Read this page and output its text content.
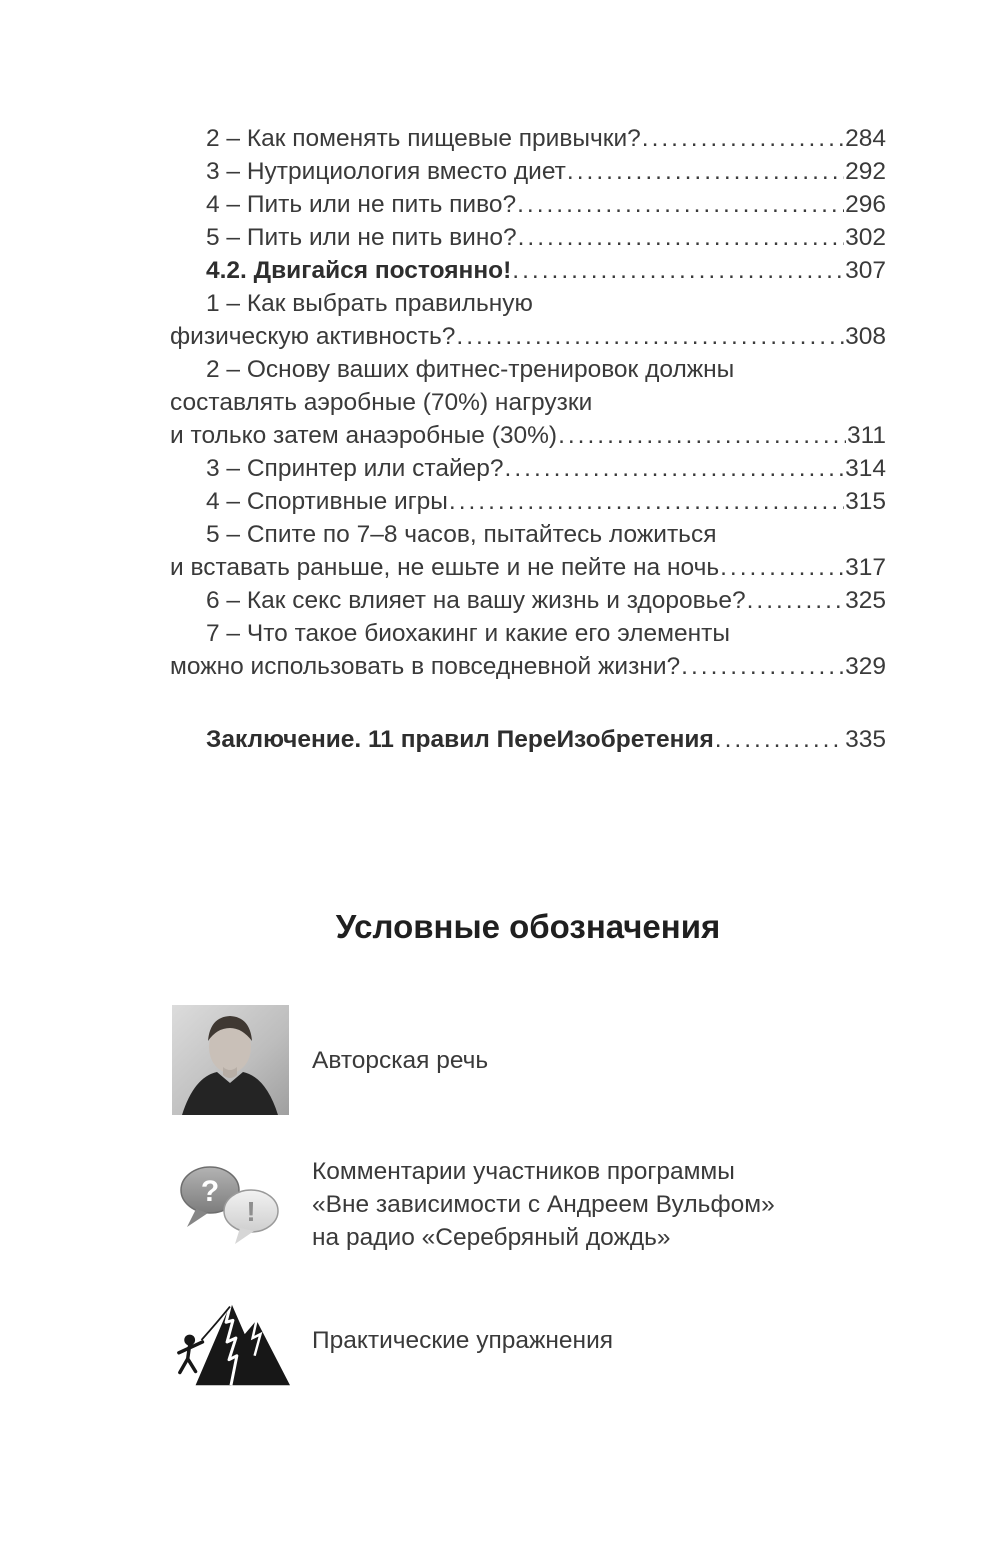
2 – Как поменять пищевые привычки? .....	284
3 – Нутрициология вместо диет .....	292
4 – Пить или не пить пиво? .....	296
5 – Пить или не пить вино? .....	302
4.2. Двигайся постоянно! .....	307
1 – Как выбрать правильную
физическую активность? .....	308
2 – Основу ваших фитнес-тренировок должны
составлять аэробные (70%) нагрузки
и только затем анаэробные (30%) .....	311
3 – Спринтер или стайер? .....	314
4 – Спортивные игры .....	315
5 – Спите по 7–8 часов, пытайтесь ложиться
и вставать раньше, не ешьте и не пейте на ночь .....	317
6 – Как секс влияет на вашу жизнь и здоровье? .....	325
7 – Что такое биохакинг и какие его элементы
можно использовать в повседневной жизни? .....	329
Заключение. 11 правил ПереИзобретения .....	335
Условные обозначения
Авторская речь
?
!
Комментарии участников программы
«Вне зависимости с Андреем Вульфом»
на радио «Серебряный дождь»
Практические упражнения
